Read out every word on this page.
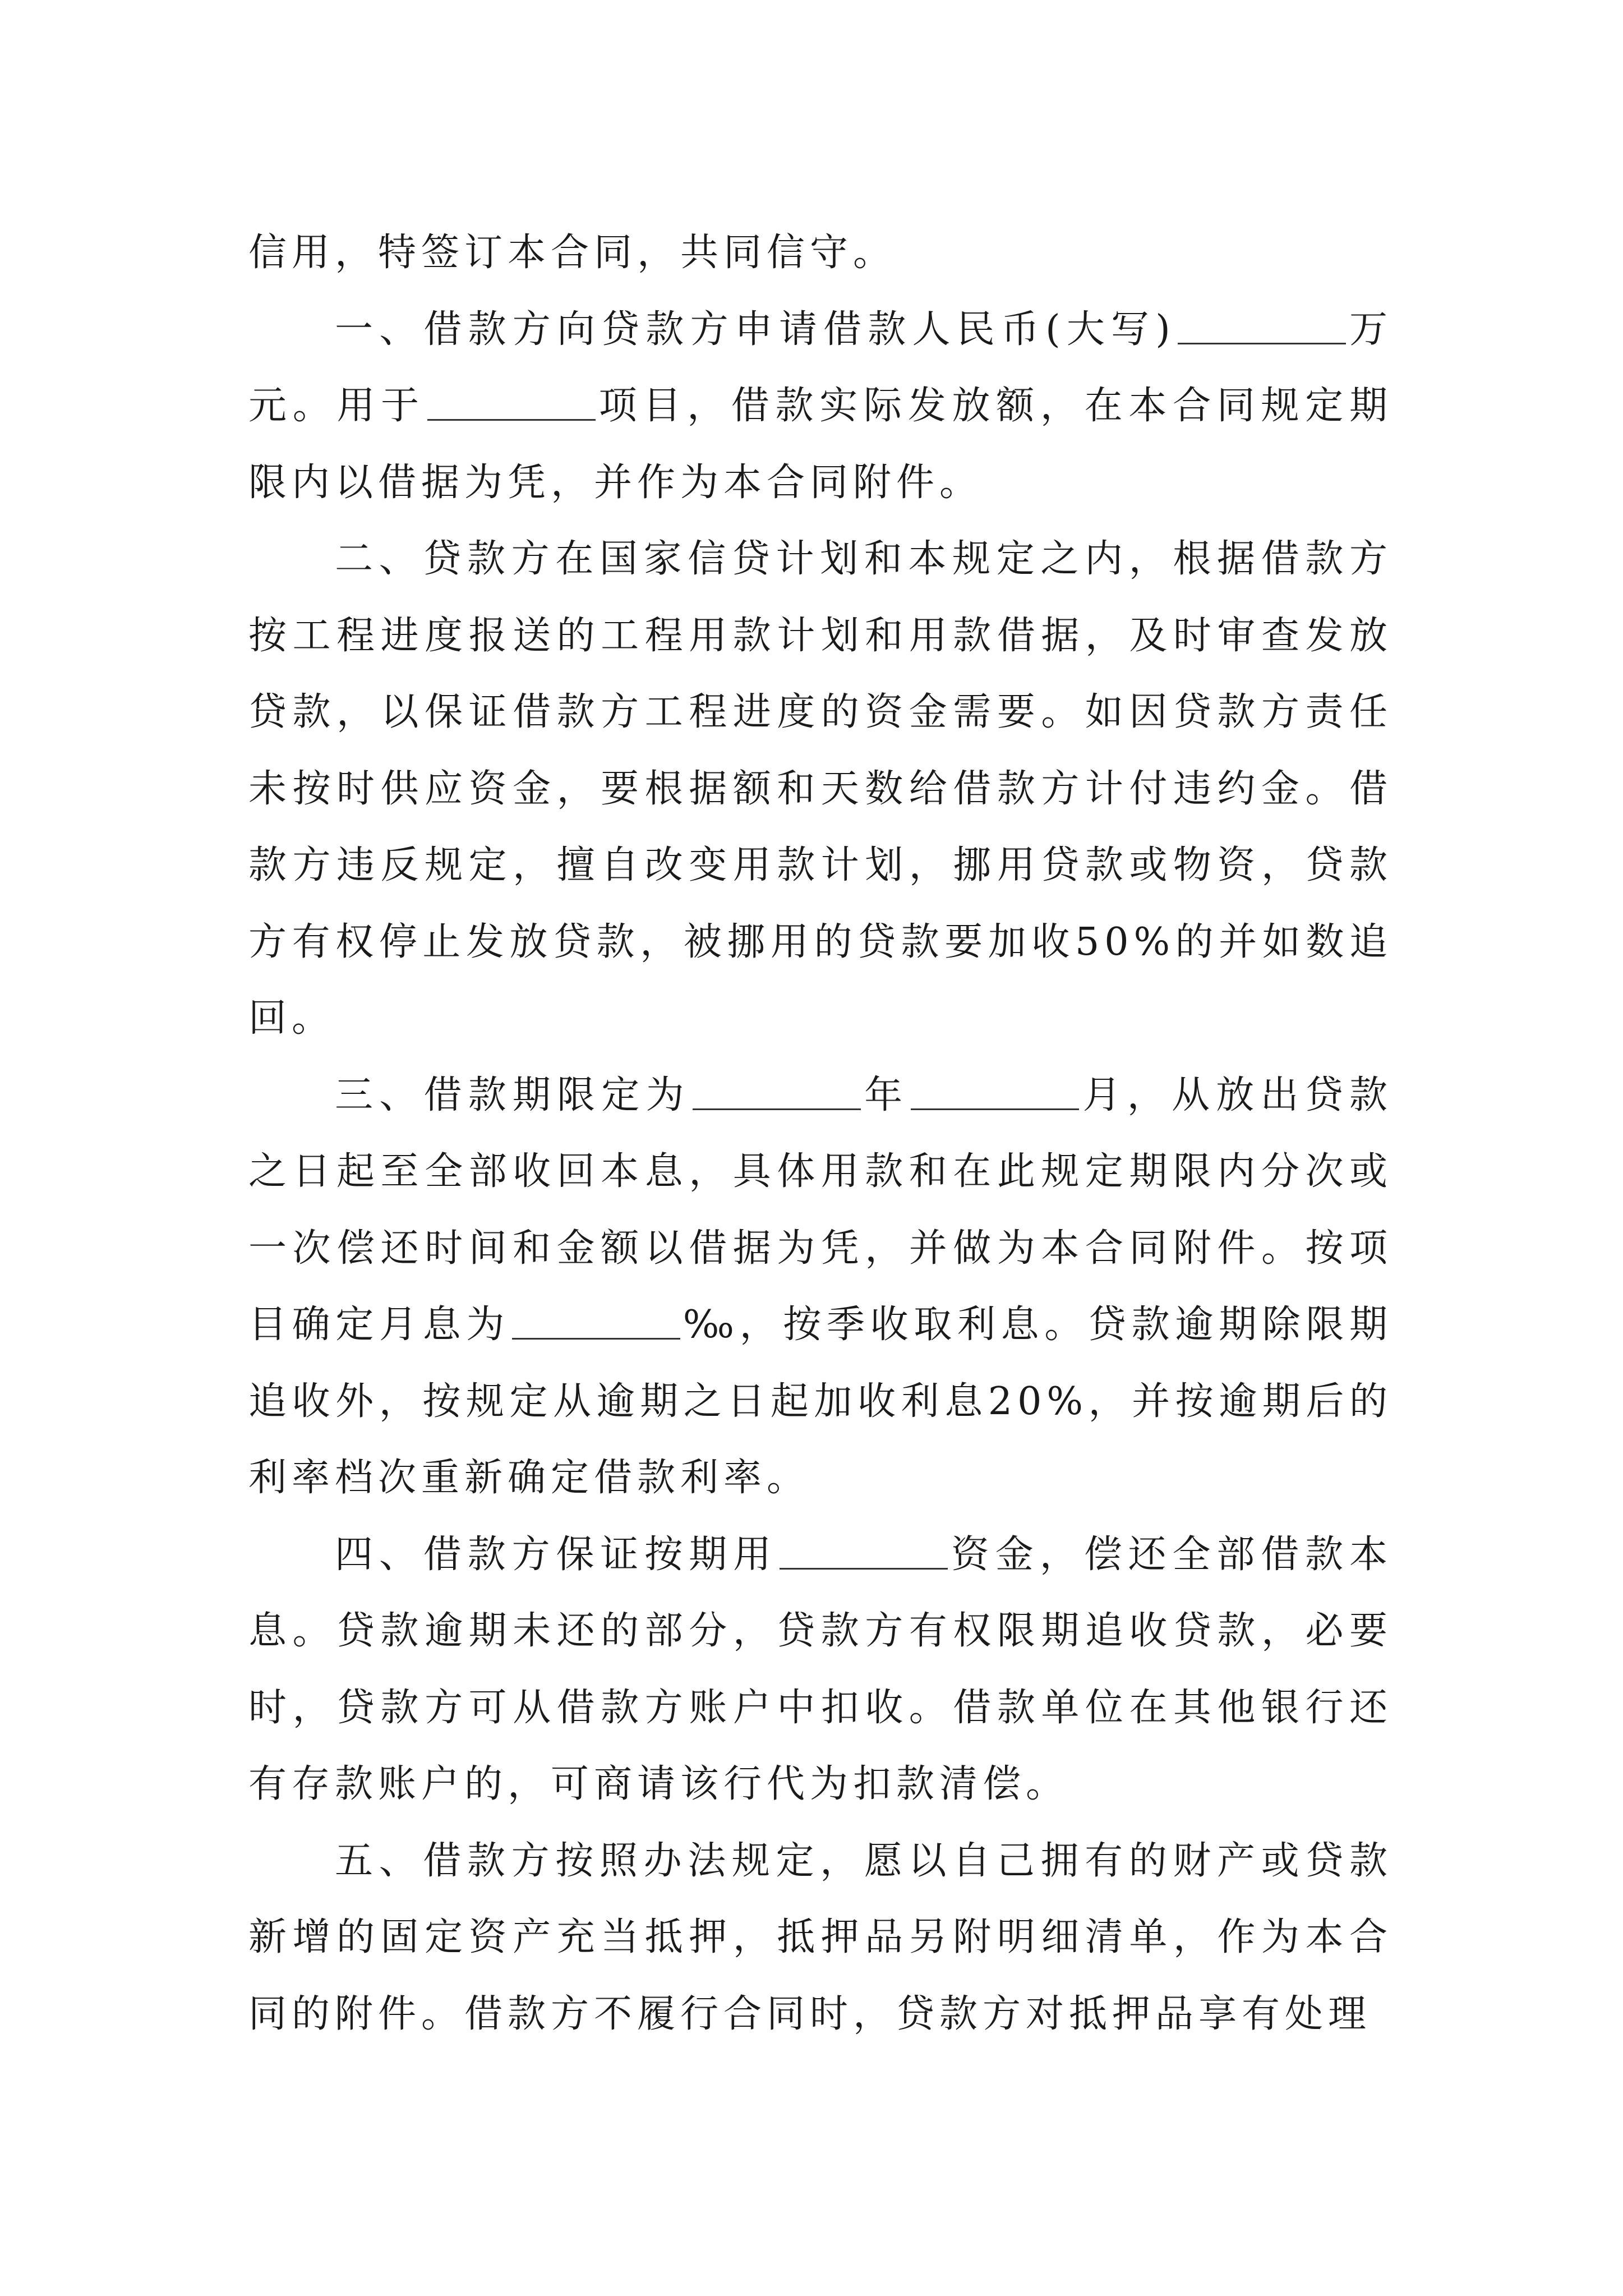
信用，特签订本合同，共同信守。

一、借款方向贷款方申请借款人民币(大写)	万元。用于	项目，借款实际发放额，在本合同规定期限内以借据为凭，并作为本合同附件。

二、贷款方在国家信贷计划和本规定之内，根据借款方按工程进度报送的工程用款计划和用款借据，及时审查发放贷款，以保证借款方工程进度的资金需要。如因贷款方责任未按时供应资金，要根据额和天数给借款方计付违约金。借款方违反规定，擅自改变用款计划，挪用贷款或物资，贷款方有权停止发放贷款，被挪用的贷款要加收50%的并如数追回。

三、借款期限定为	年	月，从放出贷款之日起至全部收回本息，具体用款和在此规定期限内分次或一次偿还时间和金额以借据为凭，并做为本合同附件。按项目确定月息为	‰，按季收取利息。贷款逾期除限期追收外，按规定从逾期之日起加收利息20%，并按逾期后的利率档次重新确定借款利率。

四、借款方保证按期用	资金，偿还全部借款本息。贷款逾期未还的部分，贷款方有权限期追收贷款，必要时，贷款方可从借款方账户中扣收。借款单位在其他银行还有存款账户的，可商请该行代为扣款清偿。

五、借款方按照办法规定，愿以自己拥有的财产或贷款新增的固定资产充当抵押，抵押品另附明细清单，作为本合同的附件。借款方不履行合同时，贷款方对抵押品享有处理
